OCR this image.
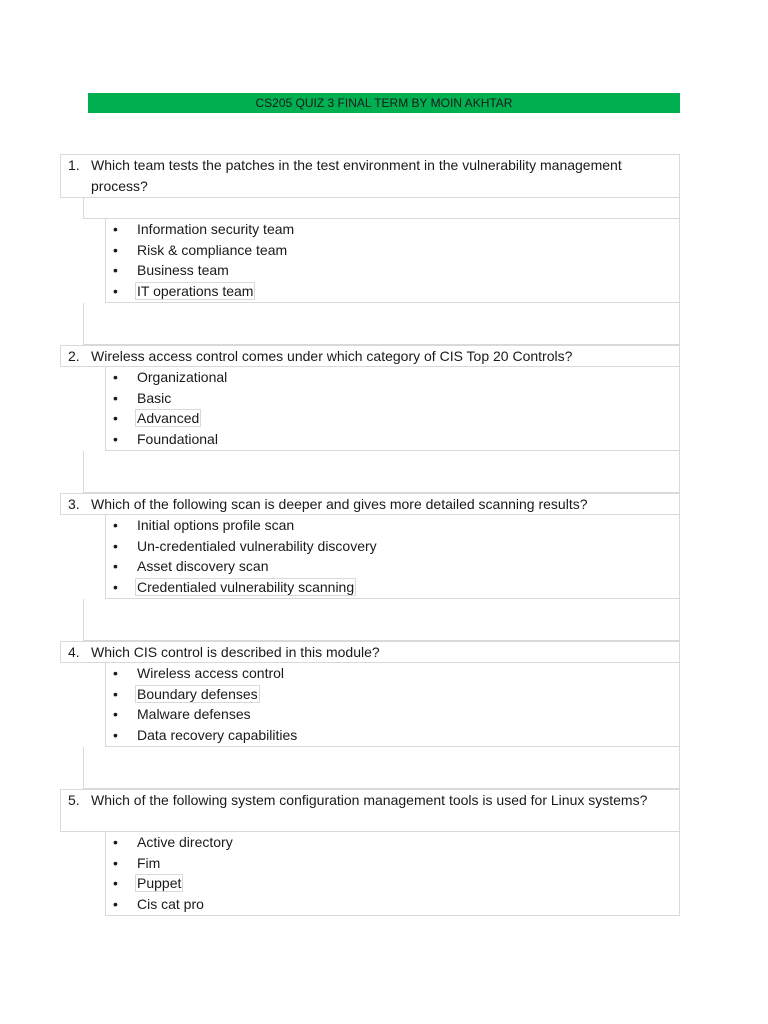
CS205 QUIZ 3 FINAL TERM BY MOIN AKHTAR
1. Which team tests the patches in the test environment in the vulnerability management process?
• Information security team
• Risk & compliance team
• Business team
• IT operations team
2. Wireless access control comes under which category of CIS Top 20 Controls?
• Organizational
• Basic
• Advanced
• Foundational
3. Which of the following scan is deeper and gives more detailed scanning results?
• Initial options profile scan
• Un-credentialed vulnerability discovery
• Asset discovery scan
• Credentialed vulnerability scanning
4. Which CIS control is described in this module?
• Wireless access control
• Boundary defenses
• Malware defenses
• Data recovery capabilities
5. Which of the following system configuration management tools is used for Linux systems?
• Active directory
• Fim
• Puppet
• Cis cat pro
